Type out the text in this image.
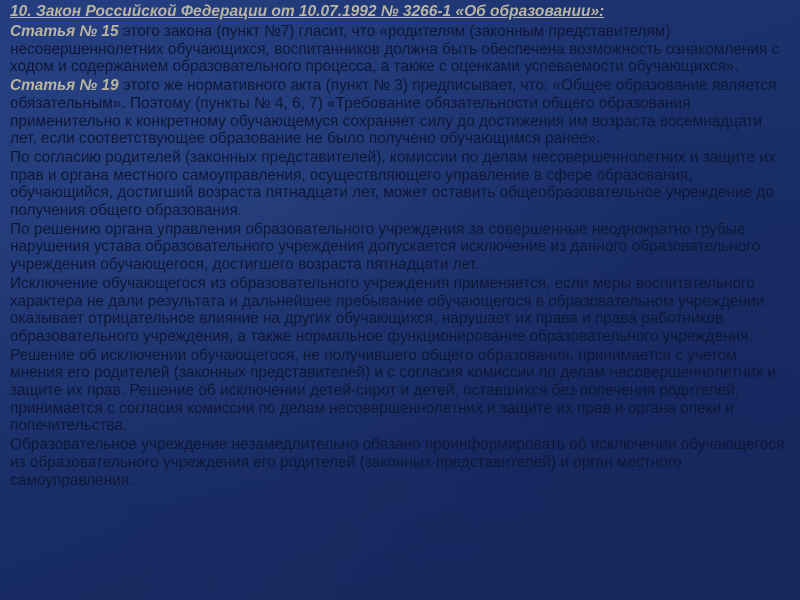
10. Закон Российской Федерации от 10.07.1992 № 3266-1 «Об образовании»:
Статья № 15 этого закона (пункт №7) гласит, что «родителям (законным представителям) несовершеннолетних обучающихся, воспитанников должна быть обеспечена возможность ознакомления с ходом и содержанием образовательного процесса, а также с оценками успеваемости обучающихся».
Статья № 19 этого же нормативного акта (пункт № 3) предписывает, что: «Общее образование является обязательным». Поэтому (пункты № 4, 6, 7) «Требование обязательности общего образования применительно к конкретному обучающемуся сохраняет силу до достижения им возраста восемнадцати лет, если соответствующее образование не было получено обучающимся ранее».
По согласию родителей (законных представителей), комиссии по делам несовершеннолетних и защите их прав и органа местного самоуправления, осуществляющего управление в сфере образования, обучающийся, достигший возраста пятнадцати лет, может оставить общеобразовательное учреждение до получения общего образования.
По решению органа управления образовательного учреждения за совершенные неоднократно грубые нарушения устава образовательного учреждения допускается исключение из данного образовательного учреждения обучающегося, достигшего возраста пятнадцати лет.
Исключение обучающегося из образовательного учреждения применяется, если меры воспитательного характера не дали результата и дальнейшее пребывание обучающегося в образовательном учреждении оказывает отрицательное влияние на других обучающихся, нарушает их права и права работников образовательного учреждения, а также нормальное функционирование образовательного учреждения.
Решение об исключении обучающегося, не получившего общего образования, принимается с учетом мнения его родителей (законных представителей) и с согласия комиссии по делам несовершеннолетних и защите их прав. Решение об исключении детей-сирот и детей, оставшихся без попечения родителей, принимается с согласия комиссии по делам несовершеннолетних и защите их прав и органа опеки и попечительства.
Образовательное учреждение незамедлительно обязано проинформировать об исключении обучающегося из образовательного учреждения его родителей (законных представителей) и орган местного самоуправления.
